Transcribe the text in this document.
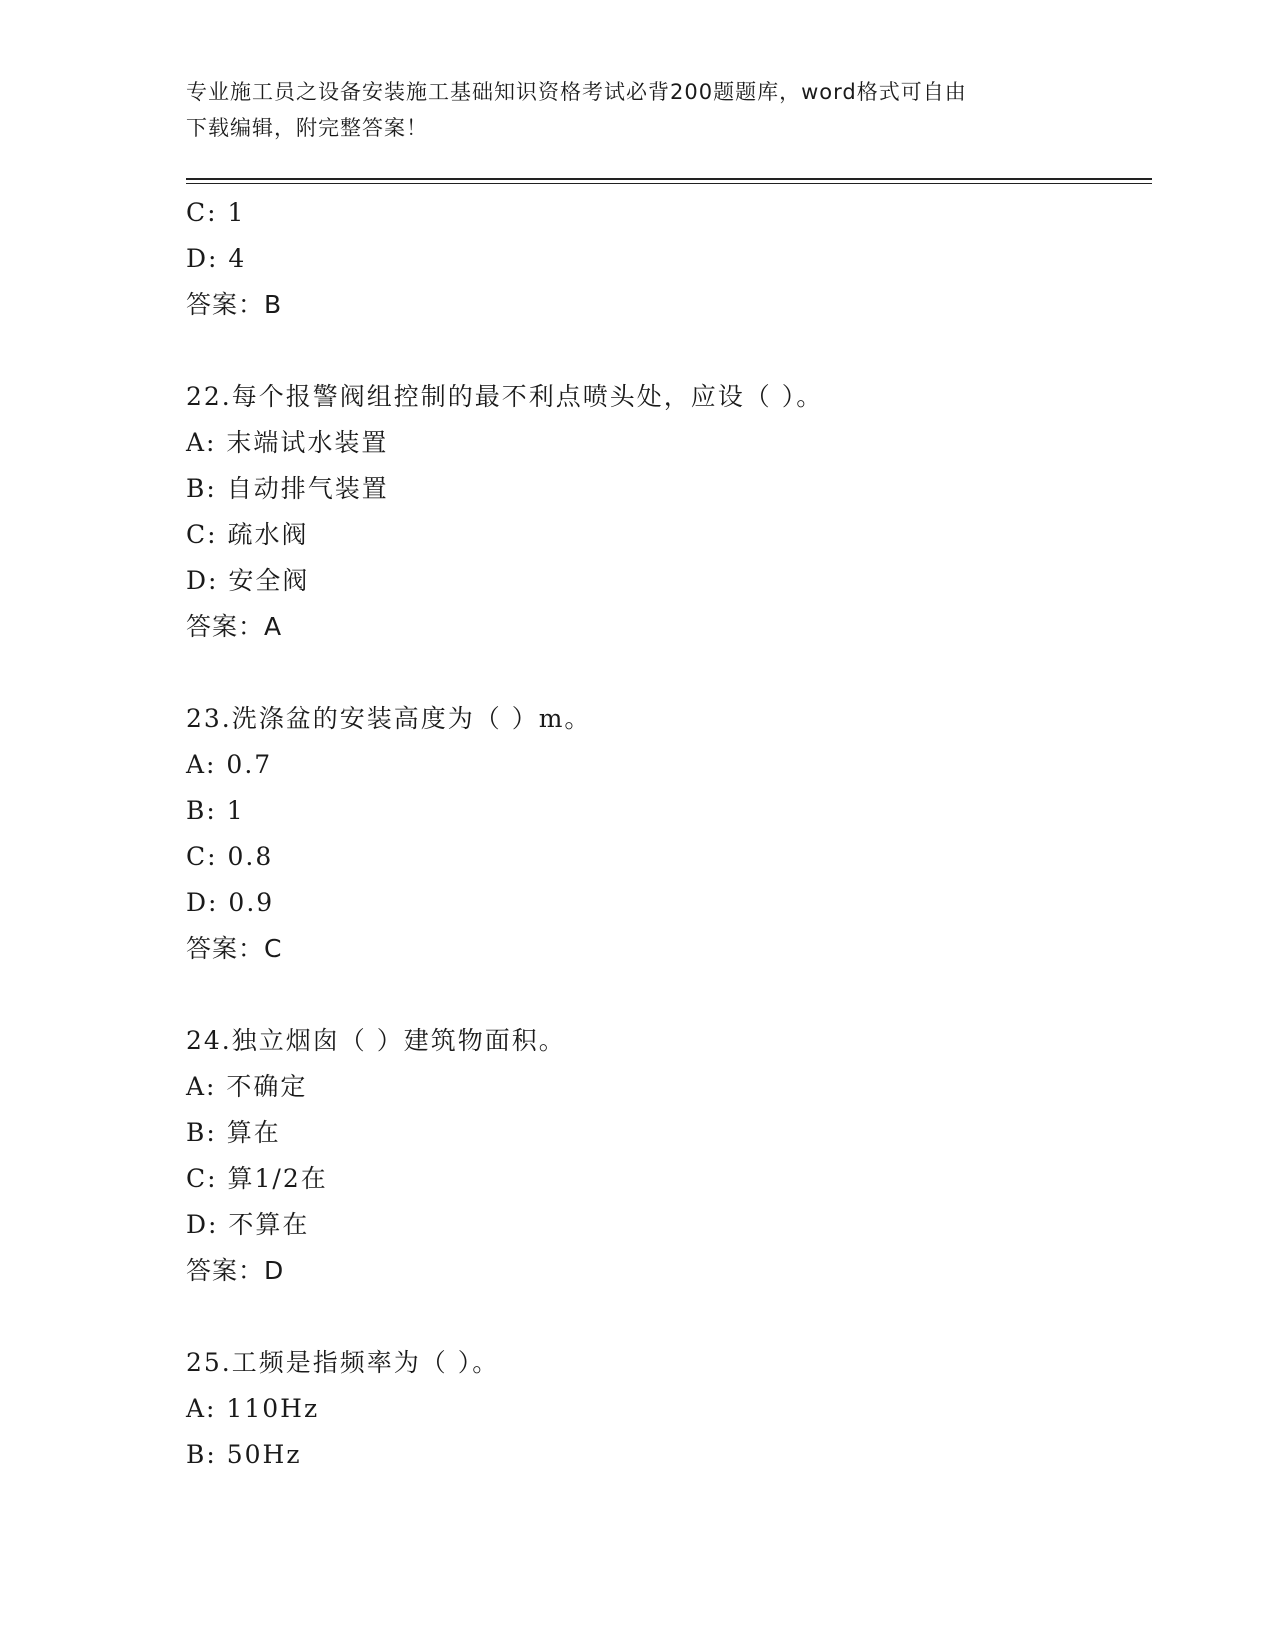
专业施工员之设备安装施工基础知识资格考试必背200题题库，word格式可自由
下载编辑，附完整答案！
C: 1
D: 4
答案：B
22.每个报警阀组控制的最不利点喷头处，应设（ ）。
A: 末端试水装置
B: 自动排气装置
C: 疏水阀
D: 安全阀
答案：A
23.洗涤盆的安装高度为（ ）m。
A: 0.7
B: 1
C: 0.8
D: 0.9
答案：C
24.独立烟囱（ ）建筑物面积。
A: 不确定
B: 算在
C: 算1/2在
D: 不算在
答案：D
25.工频是指频率为（ ）。
A: 110Hz
B: 50Hz
